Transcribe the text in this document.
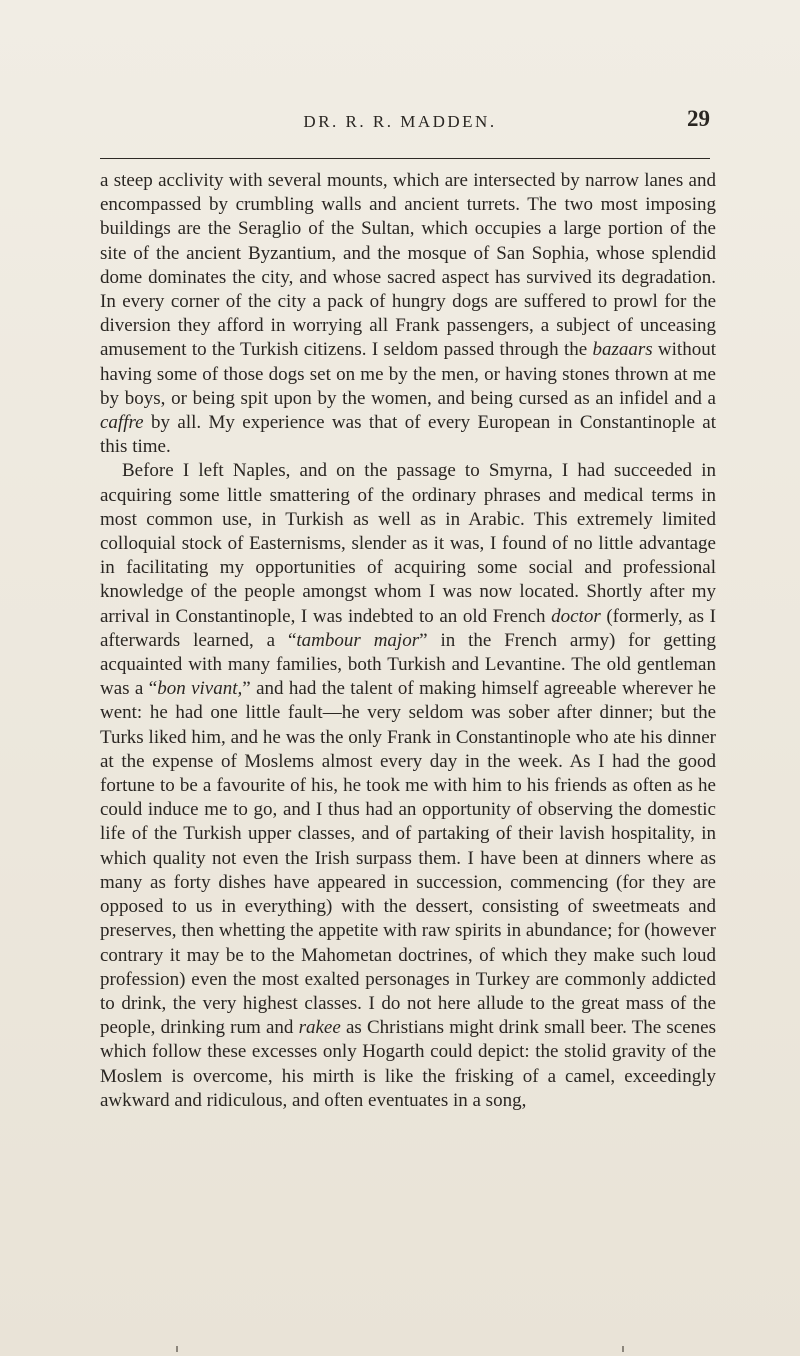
DR. R. R. MADDEN.	29

a steep acclivity with several mounts, which are intersected by narrow lanes and encompassed by crumbling walls and ancient turrets. The two most imposing buildings are the Seraglio of the Sultan, which occupies a large portion of the site of the ancient Byzantium, and the mosque of San Sophia, whose splendid dome dominates the city, and whose sacred aspect has survived its degradation. In every corner of the city a pack of hungry dogs are suffered to prowl for the diversion they afford in worrying all Frank passengers, a subject of unceasing amusement to the Turkish citizens. I seldom passed through the bazaars without having some of those dogs set on me by the men, or having stones thrown at me by boys, or being spit upon by the women, and being cursed as an infidel and a caffre by all. My experience was that of every European in Constantinople at this time.

Before I left Naples, and on the passage to Smyrna, I had succeeded in acquiring some little smattering of the ordinary phrases and medical terms in most common use, in Turkish as well as in Arabic. This extremely limited colloquial stock of Easternisms, slender as it was, I found of no little advantage in facilitating my opportunities of acquiring some social and professional knowledge of the people amongst whom I was now located. Shortly after my arrival in Constantinople, I was indebted to an old French doctor (formerly, as I afterwards learned, a “tambour major” in the French army) for getting acquainted with many families, both Turkish and Levantine. The old gentleman was a “bon vivant,” and had the talent of making himself agreeable wherever he went: he had one little fault—he very seldom was sober after dinner; but the Turks liked him, and he was the only Frank in Constantinople who ate his dinner at the expense of Moslems almost every day in the week. As I had the good fortune to be a favourite of his, he took me with him to his friends as often as he could induce me to go, and I thus had an opportunity of observing the domestic life of the Turkish upper classes, and of partaking of their lavish hospitality, in which quality not even the Irish surpass them. I have been at dinners where as many as forty dishes have appeared in succession, commencing (for they are opposed to us in everything) with the dessert, consisting of sweetmeats and preserves, then whetting the appetite with raw spirits in abundance; for (however contrary it may be to the Mahometan doctrines, of which they make such loud profession) even the most exalted personages in Turkey are commonly addicted to drink, the very highest classes. I do not here allude to the great mass of the people, drinking rum and rakee as Christians might drink small beer. The scenes which follow these excesses only Hogarth could depict: the stolid gravity of the Moslem is overcome, his mirth is like the frisking of a camel, exceedingly awkward and ridiculous, and often eventuates in a song,
